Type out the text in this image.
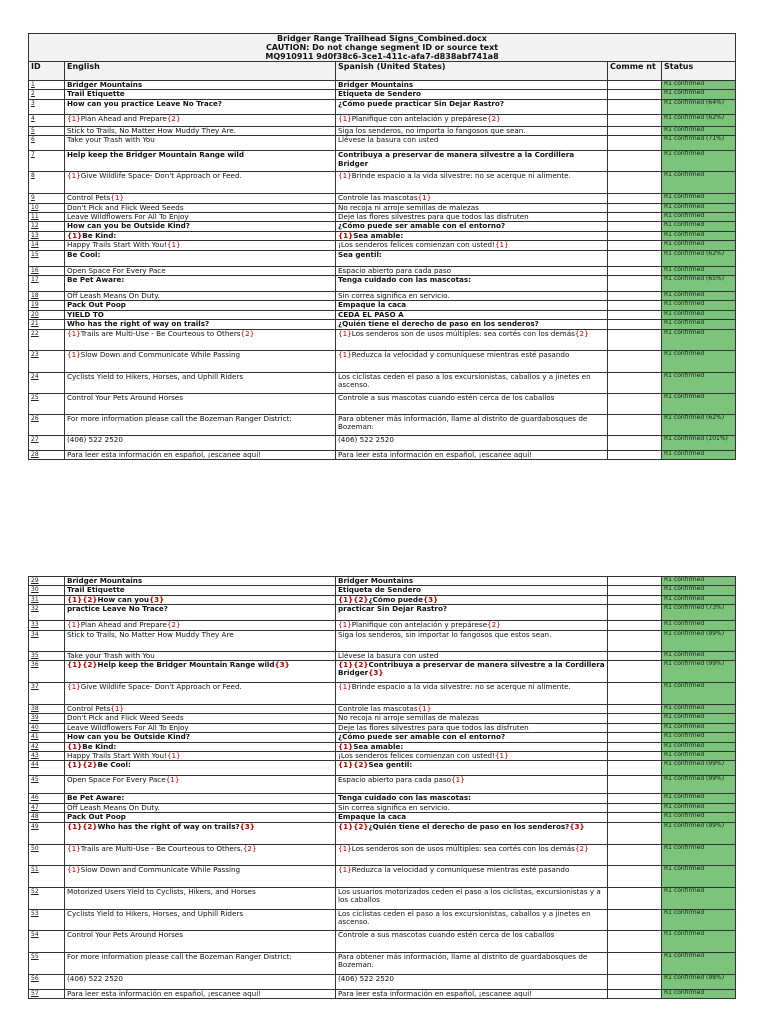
Bridger Range Trailhead Signs_Combined.docx
CAUTION: Do not change segment ID or source text
MQ910911 9d0f38c6-3ce1-411c-afa7-d838abf741a8				

ID	English	Spanish (United States)	Comme nt	Status
1	Bridger Mountains	Bridger Mountains		R1 confirmed
2	Trail Etiquette	Etiqueta de Sendero		R1 confirmed
3	How can you practice Leave No Trace?	¿Cómo puede practicar Sin Dejar Rastro?		R1 confirmed (64%)
4	{1}Plan Ahead and Prepare{2}	{1}Planifique con antelación y prepárese{2}		R1 confirmed (62%)
5	Stick to Trails, No Matter How Muddy They Are.	Siga los senderos, no importa lo fangosos que sean.		R1 confirmed
6	Take your Trash with You	Llévese la basura con usted		R1 confirmed (71%)
7	Help keep the Bridger Mountain Range wild	Contribuya a preservar de manera silvestre a la Cordillera Bridger		R1 confirmed
8	{1}Give Wildlife Space- Don't Approach or Feed.	{1}Brinde espacio a la vida silvestre: no se acerque ni alimente.		R1 confirmed
9	Control Pets{1}	Controle las mascotas{1}		R1 confirmed
10	Don't Pick and Flick Weed Seeds	No recoja ni arroje semillas de malezas		R1 confirmed
11	Leave Wildflowers For All To Enjoy	Deje las flores silvestres para que todos las disfruten		R1 confirmed
12	How can you be Outside Kind?	¿Cómo puede ser amable con el entorno?		R1 confirmed
13	{1}Be Kind:	{1}Sea amable:		R1 confirmed
14	Happy Trails Start With You!{1}	¡Los senderos felices comienzan con usted!{1}		R1 confirmed
15	Be Cool:	Sea gentil:		R1 confirmed (62%)
16	Open Space For Every Pace	Espacio abierto para cada paso		R1 confirmed
17	Be Pet Aware:	Tenga cuidado con las mascotas:		R1 confirmed (65%)
18	Off Leash Means On Duty.	Sin correa significa en servicio.		R1 confirmed
19	Pack Out Poop	Empaque la caca		R1 confirmed
20	YIELD TO	CEDA EL PASO A		R1 confirmed
21	Who has the right of way on trails?	¿Quién tiene el derecho de paso en los senderos?		R1 confirmed
22	{1}Trails are Multi-Use - Be Courteous to Others{2}	{1}Los senderos son de usos múltiples: sea cortés con los demás{2}		R1 confirmed
23	{1}Slow Down and Communicate While Passing	{1}Reduzca la velocidad y comuníquese mientras esté pasando		R1 confirmed
24	Cyclists Yield to Hikers, Horses, and Uphill Riders	Los ciclistas ceden el paso a los excursionistas, caballos y a jinetes en ascenso.		R1 confirmed
25	Control Your Pets Around Horses	Controle a sus mascotas cuando estén cerca de los caballos		R1 confirmed
26	For more information please call the Bozeman Ranger District:	Para obtener más información, llame al distrito de guardabosques de Bozeman:		R1 confirmed (62%)
27	(406) 522 2520	(406) 522 2520		R1 confirmed (101%)
28	Para leer esta información en español, ¡escanee aquí!	Para leer esta información en español, ¡escanee aquí!		R1 confirmed
29	Bridger Mountains	Bridger Mountains		R1 confirmed
30	Trail Etiquette	Etiqueta de Sendero		R1 confirmed
31	{1}{2}How can you{3}	{1}{2}¿Cómo puede{3}		R1 confirmed
32	practice Leave No Trace?	practicar Sin Dejar Rastro?		R1 confirmed (73%)
33	{1}Plan Ahead and Prepare{2}	{1}Planifique con antelación y prepárese{2}		R1 confirmed
34	Stick to Trails, No Matter How Muddy They Are	Siga los senderos, sin importar lo fangosos que estos sean.		R1 confirmed (99%)
35	Take your Trash with You	Llévese la basura con usted		R1 confirmed
36	{1}{2}Help keep the Bridger Mountain Range wild{3}	{1}{2}Contribuya a preservar de manera silvestre a la Cordillera Bridger{3}		R1 confirmed (99%)
37	{1}Give Wildlife Space- Don't Approach or Feed.	{1}Brinde espacio a la vida silvestre: no se acerque ni alimente.		R1 confirmed
38	Control Pets{1}	Controle las mascotas{1}		R1 confirmed
39	Don't Pick and Flick Weed Seeds	No recoja ni arroje semillas de malezas		R1 confirmed
40	Leave Wildflowers For All To Enjoy	Deje las flores silvestres para que todos las disfruten		R1 confirmed
41	How can you be Outside Kind?	¿Cómo puede ser amable con el entorno?		R1 confirmed
42	{1}Be Kind:	{1}Sea amable:		R1 confirmed
43	Happy Trails Start With You!{1}	¡Los senderos felices comienzan con usted!{1}		R1 confirmed
44	{1}{2}Be Cool:	{1}{2}Sea gentil:		R1 confirmed (99%)
45	Open Space For Every Pace{1}	Espacio abierto para cada paso{1}		R1 confirmed (99%)
46	Be Pet Aware:	Tenga cuidado con las mascotas:		R1 confirmed
47	Off Leash Means On Duty.	Sin correa significa en servicio.		R1 confirmed
48	Pack Out Poop	Empaque la caca		R1 confirmed
49	{1}{2}Who has the right of way on trails?{3}	{1}{2}¿Quién tiene el derecho de paso en los senderos?{3}		R1 confirmed (99%)
50	{1}Trails are Multi-Use - Be Courteous to Others.{2}	{1}Los senderos son de usos múltiples: sea cortés con los demás{2}		R1 confirmed
51	{1}Slow Down and Communicate While Passing	{1}Reduzca la velocidad y comuníquese mientras esté pasando		R1 confirmed
52	Motorized Users Yield to Cyclists, Hikers, and Horses	Los usuarios motorizados ceden el paso a los ciclistas, excursionistas y a los caballos		R1 confirmed
53	Cyclists Yield to Hikers, Horses, and Uphill Riders	Los ciclistas ceden el paso a los excursionistas, caballos y a jinetes en ascenso.		R1 confirmed
54	Control Your Pets Around Horses	Controle a sus mascotas cuando estén cerca de los caballos		R1 confirmed
55	For more information please call the Bozeman Ranger District:	Para obtener más información, llame al distrito de guardabosques de Bozeman:		R1 confirmed
56	(406) 522 2520	(406) 522 2520		R1 confirmed (98%)
57	Para leer esta información en español, ¡escanee aquí!	Para leer esta información en español, ¡escanee aquí!		R1 confirmed
